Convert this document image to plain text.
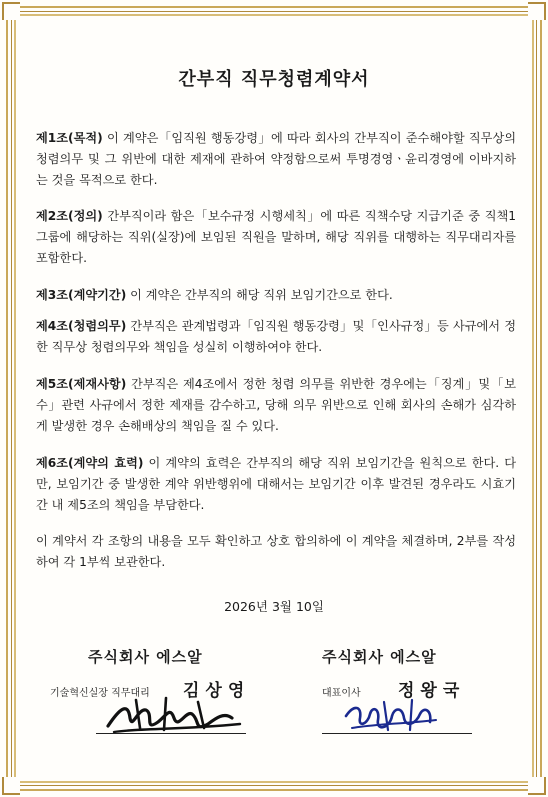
간부직 직무청렴계약서
제1조(목적) 이 계약은「임직원 행동강령」에 따라 회사의 간부직이 준수해야할 직무상의 청렴의무 및 그 위반에 대한 제재에 관하여 약정함으로써 투명경영ㆍ윤리경영에 이바지하는 것을 목적으로 한다.
제2조(정의) 간부직이라 함은「보수규정 시행세칙」에 따른 직책수당 지급기준 중 직책1그룹에 해당하는 직위(실장)에 보임된 직원을 말하며, 해당 직위를 대행하는 직무대리자를 포함한다.
제3조(계약기간) 이 계약은 간부직의 해당 직위 보임기간으로 한다.
제4조(청렴의무) 간부직은 관계법령과「임직원 행동강령」및「인사규정」등 사규에서 정한 직무상 청렴의무와 책임을 성실히 이행하여야 한다.
제5조(제재사항) 간부직은 제4조에서 정한 청렴 의무를 위반한 경우에는「징계」및「보수」관련 사규에서 정한 제재를 감수하고, 당해 의무 위반으로 인해 회사의 손해가 심각하게 발생한 경우 손해배상의 책임을 질 수 있다.
제6조(계약의 효력) 이 계약의 효력은 간부직의 해당 직위 보임기간을 원칙으로 한다. 다만, 보임기간 중 발생한 계약 위반행위에 대해서는 보임기간 이후 발견된 경우라도 시효기간 내 제5조의 책임을 부담한다.
이 계약서 각 조항의 내용을 모두 확인하고 상호 합의하에 이 계약을 체결하며, 2부를 작성하여 각 1부씩 보관한다.
2026년 3월 10일
주식회사 에스알	주식회사 에스알
기술혁신실장 직무대리	대표이사
김상영	정왕국
